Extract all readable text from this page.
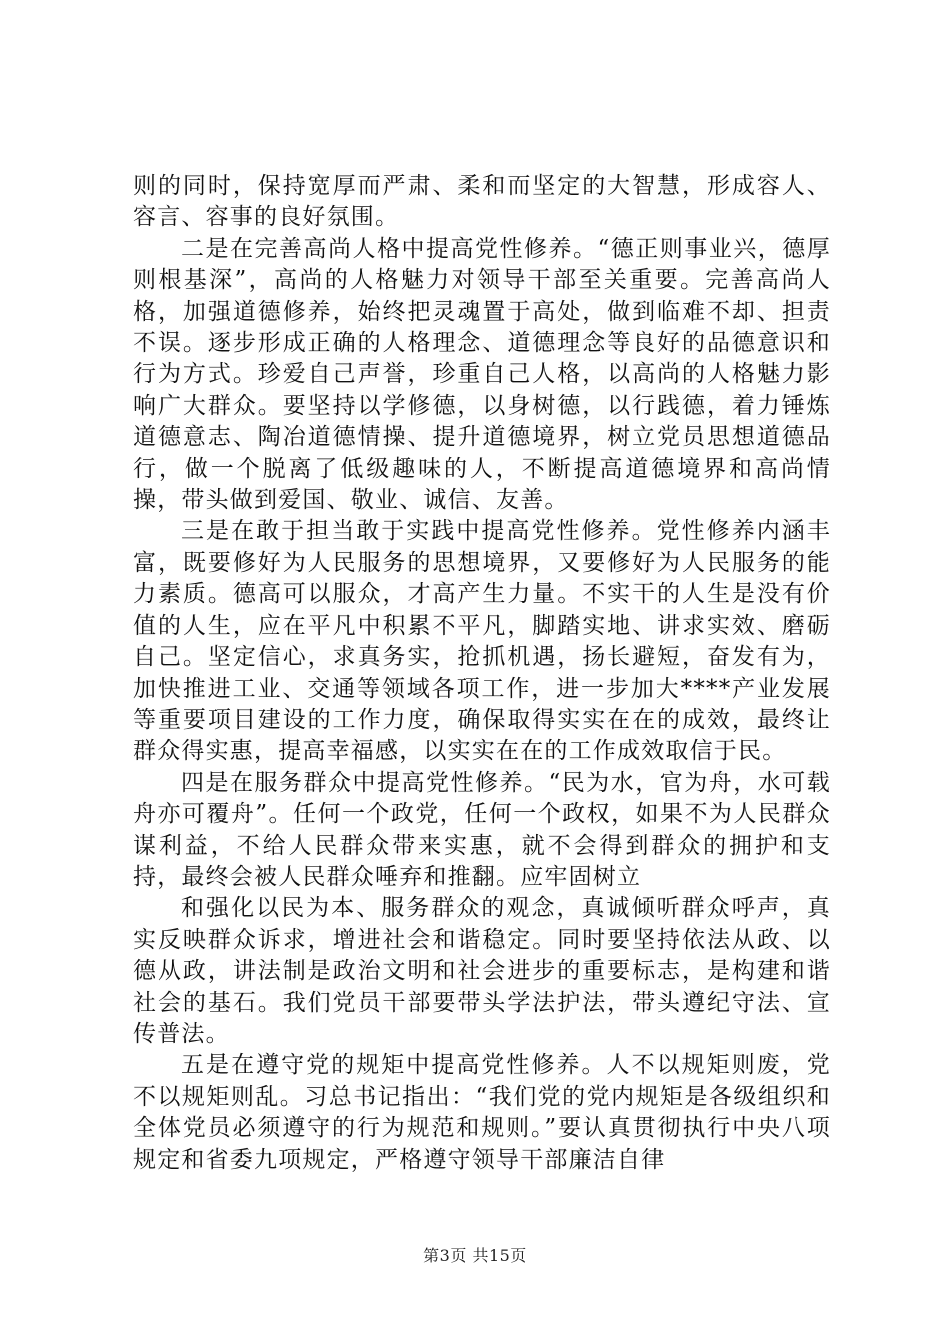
则的同时，保持宽厚而严肃、柔和而坚定的大智慧，形成容人、容言、容事的良好氛围。

二是在完善高尚人格中提高党性修养。“德正则事业兴，德厚则根基深”，高尚的人格魅力对领导干部至关重要。完善高尚人格，加强道德修养，始终把灵魂置于高处，做到临难不却、担责不误。逐步形成正确的人格理念、道德理念等良好的品德意识和行为方式。珍爱自己声誉，珍重自己人格，以高尚的人格魅力影响广大群众。要坚持以学修德，以身树德，以行践德，着力锤炼道德意志、陶冶道德情操、提升道德境界，树立党员思想道德品行，做一个脱离了低级趣味的人，不断提高道德境界和高尚情操，带头做到爱国、敬业、诚信、友善。

三是在敢于担当敢于实践中提高党性修养。党性修养内涵丰富，既要修好为人民服务的思想境界，又要修好为人民服务的能力素质。德高可以服众，才高产生力量。不实干的人生是没有价值的人生，应在平凡中积累不平凡，脚踏实地、讲求实效、磨砺自己。坚定信心，求真务实，抢抓机遇，扬长避短，奋发有为，加快推进工业、交通等领域各项工作，进一步加大****产业发展等重要项目建设的工作力度，确保取得实实在在的成效，最终让群众得实惠，提高幸福感，以实实在在的工作成效取信于民。

四是在服务群众中提高党性修养。“民为水，官为舟，水可载舟亦可覆舟”。任何一个政党，任何一个政权，如果不为人民群众谋利益，不给人民群众带来实惠，就不会得到群众的拥护和支持，最终会被人民群众唾弃和推翻。应牢固树立

和强化以民为本、服务群众的观念，真诚倾听群众呼声，真实反映群众诉求，增进社会和谐稳定。同时要坚持依法从政、以德从政，讲法制是政治文明和社会进步的重要标志，是构建和谐社会的基石。我们党员干部要带头学法护法，带头遵纪守法、宣传普法。

五是在遵守党的规矩中提高党性修养。人不以规矩则废，党不以规矩则乱。习总书记指出：“我们党的党内规矩是各级组织和全体党员必须遵守的行为规范和规则。”要认真贯彻执行中央八项规定和省委九项规定，严格遵守领导干部廉洁自律

第3页 共15页
